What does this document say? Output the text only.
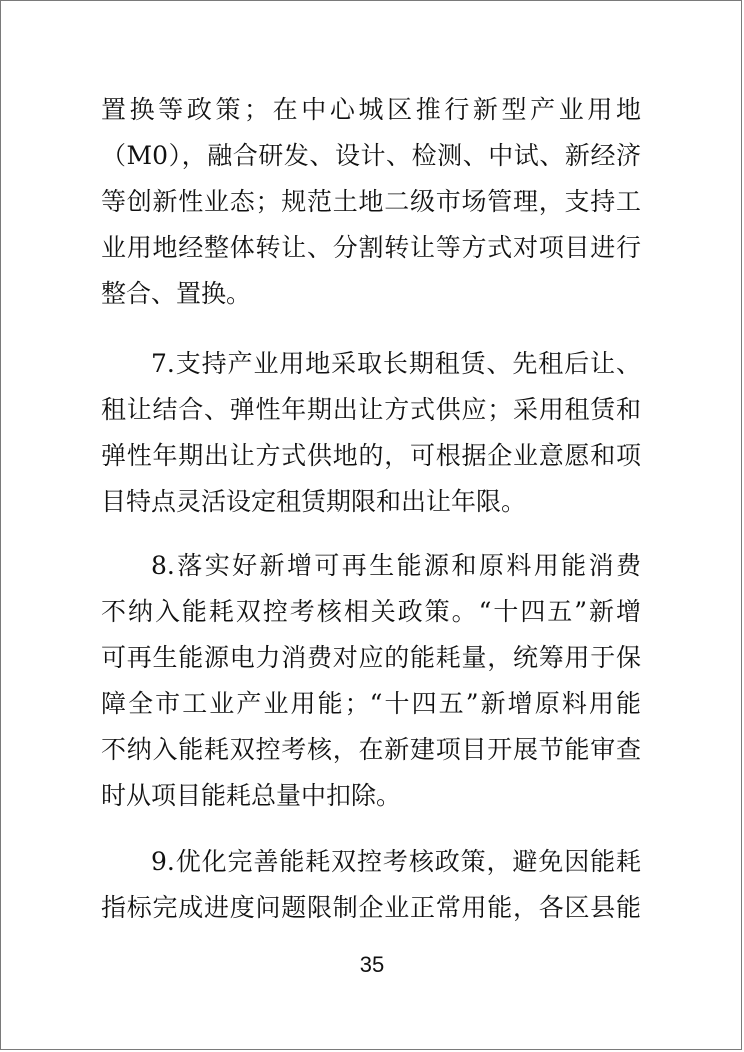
置换等政策；在中心城区推行新型产业用地
（M0），融合研发、设计、检测、中试、新经济
等创新性业态；规范土地二级市场管理，支持工
业用地经整体转让、分割转让等方式对项目进行
整合、置换。
7.支持产业用地采取长期租赁、先租后让、
租让结合、弹性年期出让方式供应；采用租赁和
弹性年期出让方式供地的，可根据企业意愿和项
目特点灵活设定租赁期限和出让年限。
8.落实好新增可再生能源和原料用能消费
不纳入能耗双控考核相关政策。“十四五”新增
可再生能源电力消费对应的能耗量，统筹用于保
障全市工业产业用能；“十四五”新增原料用能
不纳入能耗双控考核，在新建项目开展节能审查
时从项目能耗总量中扣除。
9.优化完善能耗双控考核政策，避免因能耗
指标完成进度问题限制企业正常用能，各区县能
35
